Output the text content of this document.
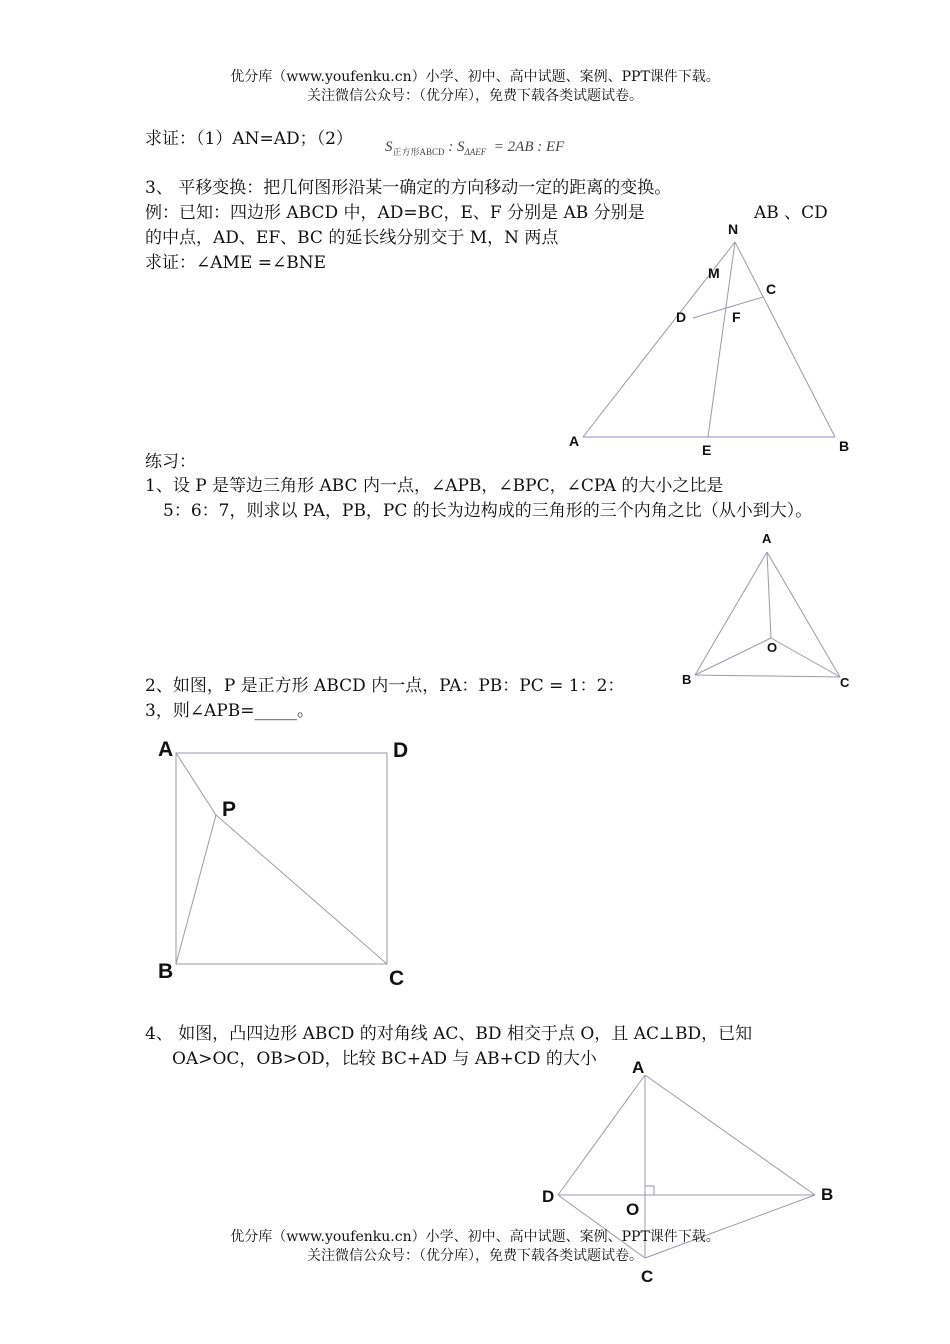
优分库（www.youfenku.cn）小学、初中、高中试题、案例、PPT课件下载。
关注微信公众号：（优分库），免费下载各类试题试卷。
求证：（1）AN=AD；（2） $S_{正方形ABCD}$ : $S_{\Delta AEF} = 2AB$ : EF
3、 平移变换：把几何图形沿某一确定的方向移动一定的距离的变换。
例：已知：四边形 ABCD 中，AD=BC，E、F 分别是 AB 分别是	AB 、CD
的中点，AD、EF、BC 的延长线分别交于 M，N 两点
求证：∠AME =∠BNE
练习：
1、设 P 是等边三角形 ABC 内一点，∠APB，∠BPC，∠CPA 的大小之比是
5：6：7，则求以 PA，PB，PC 的长为边构成的三角形的三个内角之比（从小到大）。
2、如图，P 是正方形 ABCD 内一点，PA：PB：PC = 1：2：
3，则∠APB=_____。
4、 如图，凸四边形 ABCD 的对角线 AC、BD 相交于点 O，且 AC⊥BD，已知
OA>OC，OB>OD，比较 BC+AD 与 AB+CD 的大小
N
M
C
D	F
A
E	B
A
O
B	C
A	D
P
B	C
A
D
O
B
C
优分库（www.youfenku.cn）小学、初中、高中试题、案例、PPT课件下载。
关注微信公众号：（优分库），免费下载各类试题试卷。
